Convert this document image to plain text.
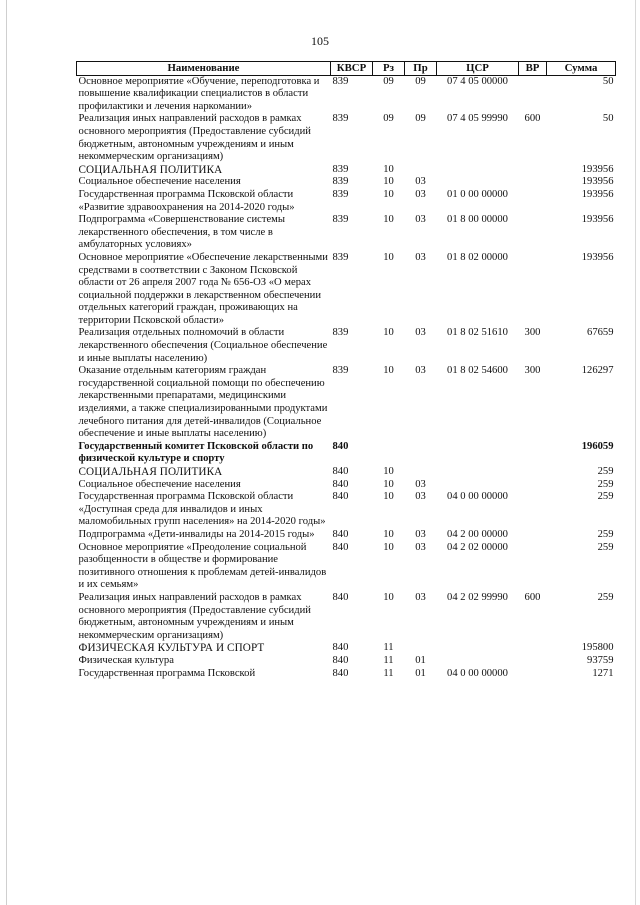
105
Наименование	КВСР	Рз	Пр	ЦСР	ВР	Сумма
Основное мероприятие «Обучение, переподготовка и повышение квалификации специалистов в области профилактики и лечения наркомании»	839	09	09	07 4 05 00000		50
Реализация иных направлений расходов в рамках основного мероприятия (Предоставление субсидий бюджетным, автономным учреждениям и иным некоммерческим организациям)	839	09	09	07 4 05 99990	600	50
СОЦИАЛЬНАЯ ПОЛИТИКА	839	10				193956
Социальное обеспечение населения	839	10	03			193956
Государственная программа Псковской области «Развитие здравоохранения на 2014-2020 годы»	839	10	03	01 0 00 00000		193956
Подпрограмма «Совершенствование системы лекарственного обеспечения, в том числе в амбулаторных условиях»	839	10	03	01 8 00 00000		193956
Основное мероприятие «Обеспечение лекарственными средствами в соответствии с Законом Псковской области от 26 апреля 2007 года № 656-ОЗ «О мерах социальной поддержки в лекарственном обеспечении отдельных категорий граждан, проживающих на территории Псковской области»	839	10	03	01 8 02 00000		193956
Реализация отдельных полномочий в области лекарственного обеспечения (Социальное обеспечение и иные выплаты населению)	839	10	03	01 8 02 51610	300	67659
Оказание отдельным категориям граждан государственной социальной помощи по обеспечению лекарственными препаратами, медицинскими изделиями, а также специализированными продуктами лечебного питания для детей-инвалидов (Социальное обеспечение и иные выплаты населению)	839	10	03	01 8 02 54600	300	126297
Государственный комитет Псковской области по физической культуре и спорту	840					196059
СОЦИАЛЬНАЯ ПОЛИТИКА	840	10				259
Социальное обеспечение населения	840	10	03			259
Государственная программа Псковской области «Доступная среда для инвалидов и иных маломобильных групп населения» на 2014-2020 годы»	840	10	03	04 0 00 00000		259
Подпрограмма «Дети-инвалиды на 2014-2015 годы»	840	10	03	04 2 00 00000		259
Основное мероприятие «Преодоление социальной разобщенности в обществе и формирование позитивного отношения к проблемам детей-инвалидов и их семьям»	840	10	03	04 2 02 00000		259
Реализация иных направлений расходов в рамках основного мероприятия (Предоставление субсидий бюджетным, автономным учреждениям и иным некоммерческим организациям)	840	10	03	04 2 02 99990	600	259
ФИЗИЧЕСКАЯ КУЛЬТУРА И СПОРТ	840	11				195800
Физическая культура	840	11	01			93759
Государственная программа Псковской	840	11	01	04 0 00 00000		1271
